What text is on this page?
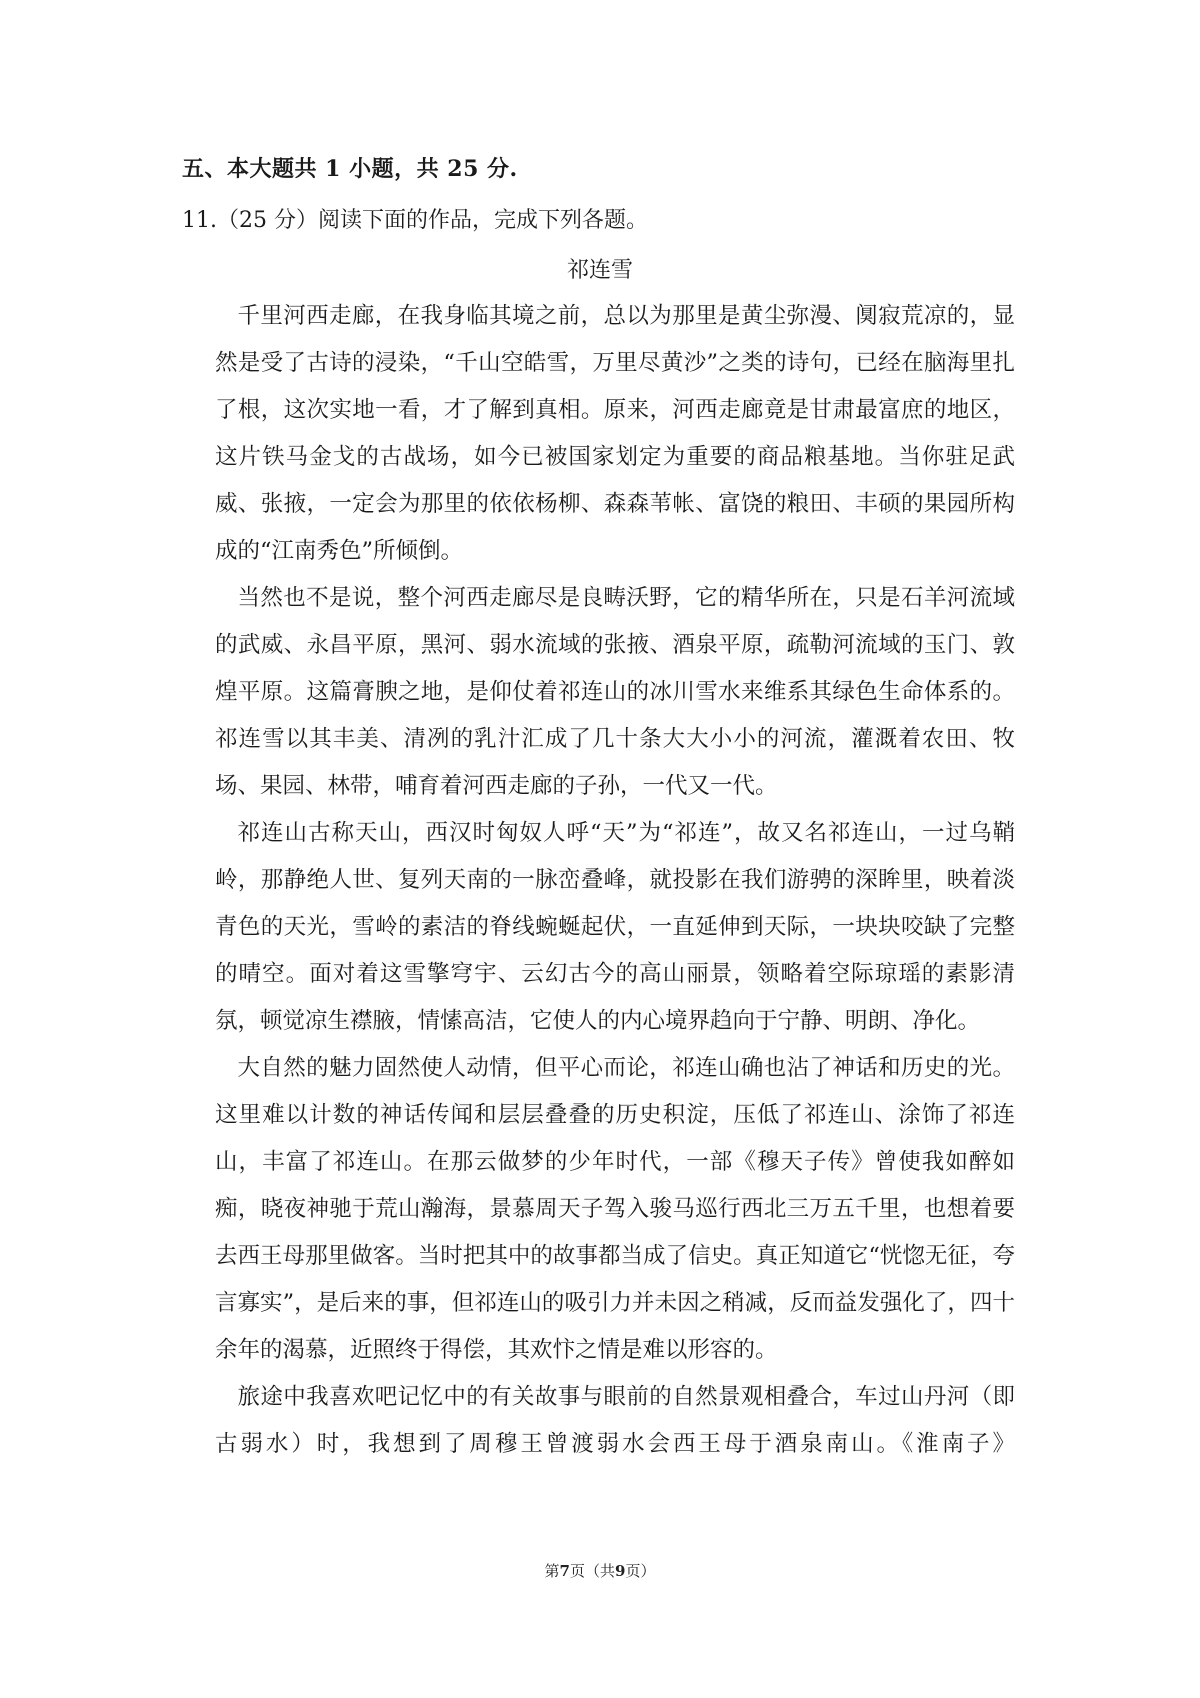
五、本大题共 1 小题，共 25 分.
11.（25 分）阅读下面的作品，完成下列各题。
祁连雪

千里河西走廊，在我身临其境之前，总以为那里是黄尘弥漫、阒寂荒凉的，显然是受了古诗的浸染，“千山空皓雪，万里尽黄沙”之类的诗句，已经在脑海里扎了根，这次实地一看，才了解到真相。原来，河西走廊竟是甘肃最富庶的地区，这片铁马金戈的古战场，如今已被国家划定为重要的商品粮基地。当你驻足武威、张掖，一定会为那里的依依杨柳、森森苇帐、富饶的粮田、丰硕的果园所构成的“江南秀色”所倾倒。

当然也不是说，整个河西走廊尽是良畴沃野，它的精华所在，只是石羊河流域的武威、永昌平原，黑河、弱水流域的张掖、酒泉平原，疏勒河流域的玉门、敦煌平原。这篇膏腴之地，是仰仗着祁连山的冰川雪水来维系其绿色生命体系的。祁连雪以其丰美、清冽的乳汁汇成了几十条大大小小的河流，灌溉着农田、牧场、果园、林带，哺育着河西走廊的子孙，一代又一代。

祁连山古称天山，西汉时匈奴人呼“天”为“祁连”，故又名祁连山，一过乌鞘岭，那静绝人世、复列天南的一脉峦叠峰，就投影在我们游骋的深眸里，映着淡青色的天光，雪岭的素洁的脊线蜿蜒起伏，一直延伸到天际，一块块咬缺了完整的晴空。面对着这雪擎穹宇、云幻古今的高山丽景，领略着空际琼瑶的素影清氛，顿觉凉生襟腋，情愫高洁，它使人的内心境界趋向于宁静、明朗、净化。

大自然的魅力固然使人动情，但平心而论，祁连山确也沾了神话和历史的光。这里难以计数的神话传闻和层层叠叠的历史积淀，压低了祁连山、涂饰了祁连山，丰富了祁连山。在那云做梦的少年时代，一部《穆天子传》曾使我如醉如痴，晓夜神驰于荒山瀚海，景慕周天子驾入骏马巡行西北三万五千里，也想着要去西王母那里做客。当时把其中的故事都当成了信史。真正知道它“恍惚无征，夸言寡实”，是后来的事，但祁连山的吸引力并未因之稍减，反而益发强化了，四十余年的渴慕，近照终于得偿，其欢忭之情是难以形容的。

旅途中我喜欢吧记忆中的有关故事与眼前的自然景观相叠合，车过山丹河（即古弱水）时，我想到了周穆王曾渡弱水会西王母于酒泉南山。《淮南子》

第7页（共9页）
